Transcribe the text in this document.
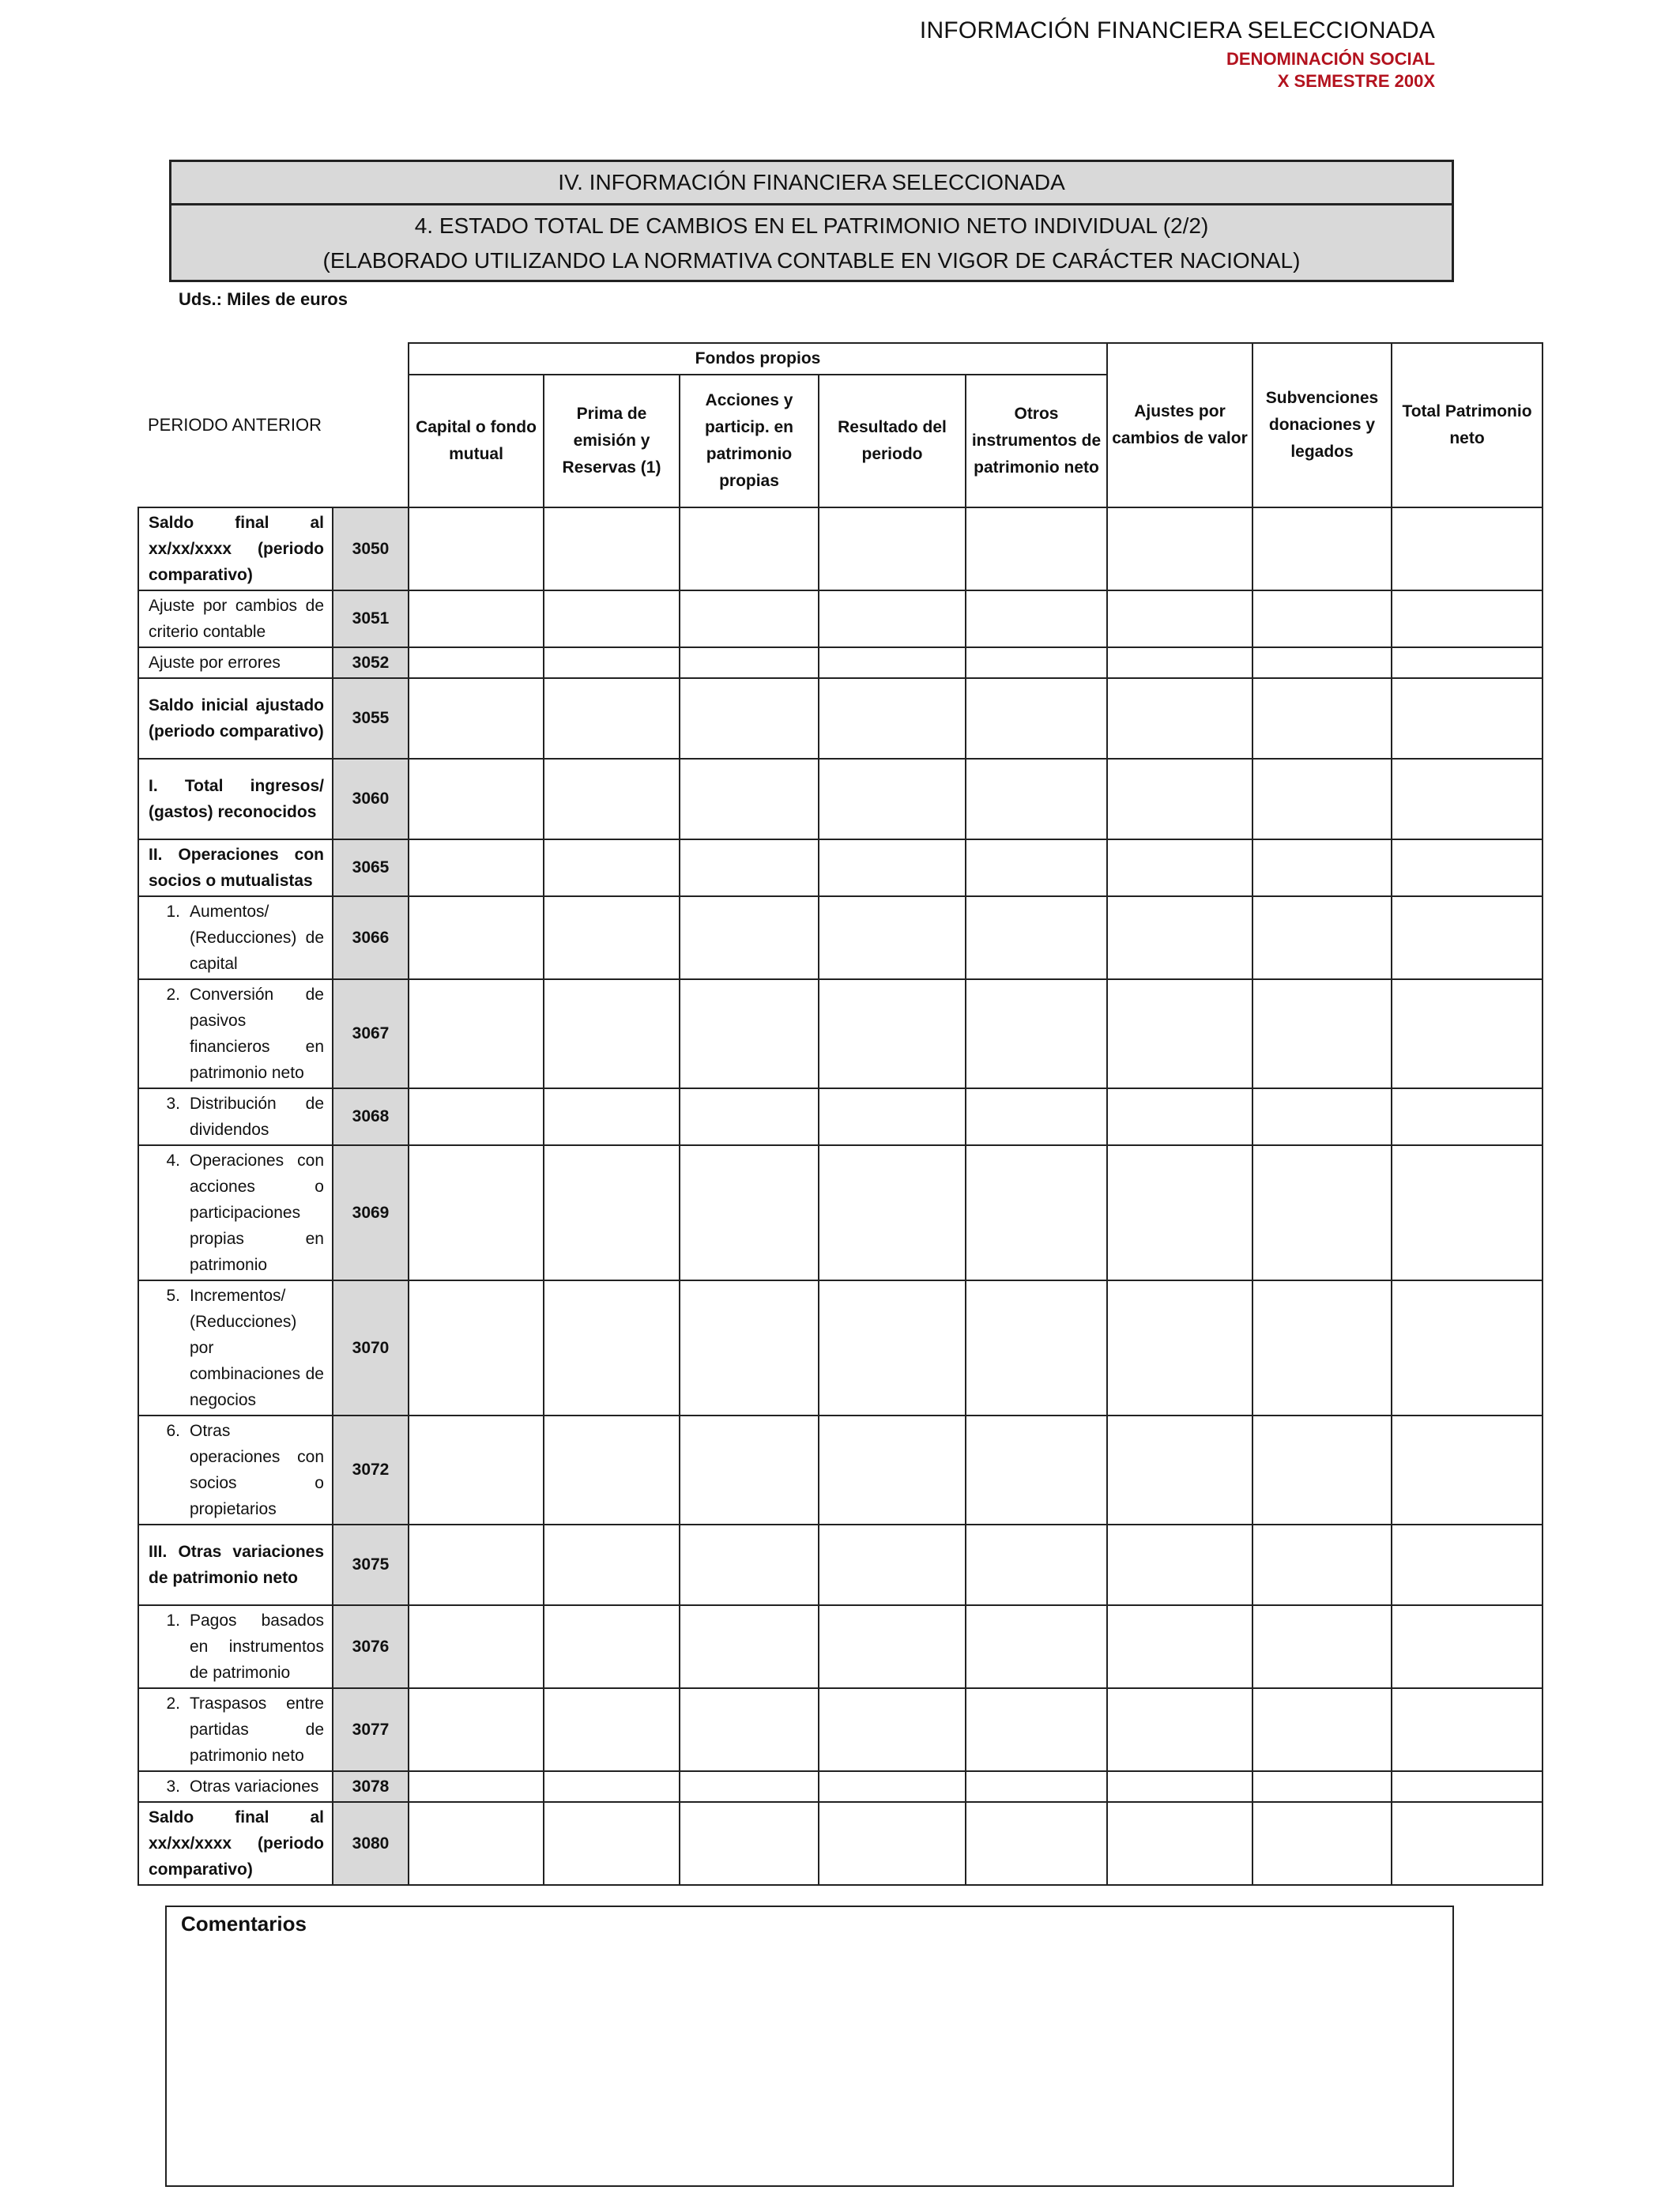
INFORMACIÓN FINANCIERA SELECCIONADA
DENOMINACIÓN SOCIAL
X SEMESTRE 200X
IV. INFORMACIÓN FINANCIERA SELECCIONADA
4. ESTADO TOTAL DE CAMBIOS EN EL PATRIMONIO NETO INDIVIDUAL (2/2)
(ELABORADO UTILIZANDO LA NORMATIVA CONTABLE EN VIGOR DE CARÁCTER NACIONAL)
Uds.: Miles de euros
PERIODO ANTERIOR		Fondos propios					Ajustes por cambios de valor	Subvenciones donaciones y legados	Total Patrimonio neto
		Capital o fondo mutual	Prima de emisión y Reservas (1)	Acciones y particip. en patrimonio propias	Resultado del periodo	Otros instrumentos de patrimonio neto			
Saldo final al xx/xx/xxxx (periodo comparativo)	3050								
Ajuste por cambios de criterio contable	3051								
Ajuste por errores	3052								
Saldo inicial ajustado (periodo comparativo)	3055								
I. Total ingresos/ (gastos) reconocidos	3060								
II. Operaciones con socios o mutualistas	3065								

1. Aumentos/ (Reducciones) de capital	3066								

2. Conversión de pasivos financieros en patrimonio neto	3067								

3. Distribución de dividendos	3068								

4. Operaciones con acciones o participaciones propias en patrimonio	3069								

5. Incrementos/ (Reducciones) por combinaciones de negocios	3070								

6. Otras operaciones con socios o propietarios	3072								
III. Otras variaciones de patrimonio neto	3075								

1. Pagos basados en instrumentos de patrimonio	3076								

2. Traspasos entre partidas de patrimonio neto	3077								

3. Otras variaciones	3078								
Saldo final al xx/xx/xxxx (periodo comparativo)	3080								
Comentarios
